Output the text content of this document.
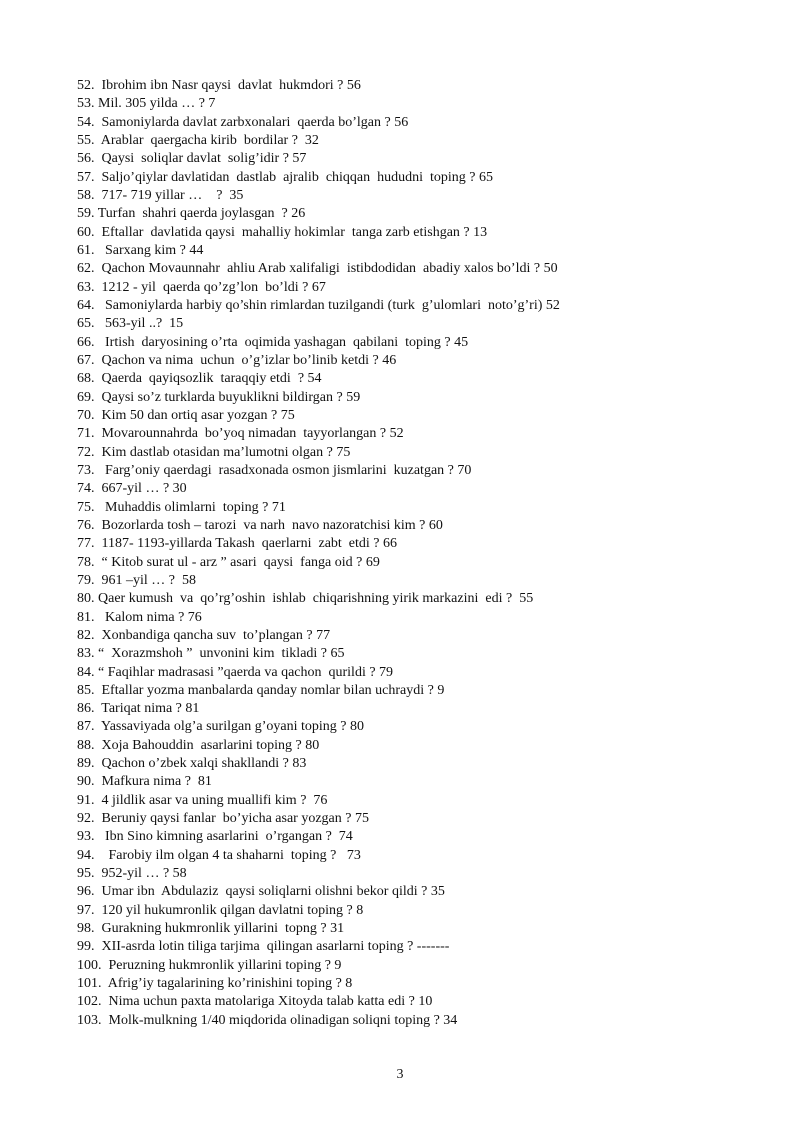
52.  Ibrohim ibn Nasr qaysi  davlat  hukmdori ? 56
53. Mil. 305 yilda … ? 7
54.  Samoniylarda davlat zarbxonalari  qaerda bo’lgan ? 56
55.  Arablar  qaergacha kirib  bordilar ?  32
56.  Qaysi  soliqlar davlat  solig’idir ? 57
57.  Saljo’qiylar davlatidan  dastlab  ajralib  chiqqan  hududni  toping ? 65
58.  717- 719 yillar …    ?  35
59. Turfan  shahri qaerda joylasgan  ? 26
60.  Eftallar  davlatida qaysi  mahalliy hokimlar  tanga zarb etishgan ? 13
61.   Sarxang kim ? 44
62.  Qachon Movaunnahr  ahliu Arab xalifaligi  istibdodidan  abadiy xalos bo’ldi ? 50
63.  1212 - yil  qaerda qo’zg’lon  bo’ldi ? 67
64.   Samoniylarda harbiy qo’shin rimlardan tuzilgandi (turk  g’ulomlari  noto’g’ri) 52
65.   563-yil ..?  15
66.   Irtish  daryosining o’rta  oqimida yashagan  qabilani  toping ? 45
67.  Qachon va nima  uchun  o’g’izlar bo’linib ketdi ? 46
68.  Qaerda  qayiqsozlik  taraqqiy etdi  ? 54
69.  Qaysi so’z turklarda buyuklikni bildirgan ? 59
70.  Kim 50 dan ortiq asar yozgan ? 75
71.  Movarounnahrda  bo’yoq nimadan  tayyorlangan ? 52
72.  Kim dastlab otasidan ma’lumotni olgan ? 75
73.   Farg’oniy qaerdagi  rasadxonada osmon jismlarini  kuzatgan ? 70
74.  667-yil … ? 30
75.   Muhaddis olimlarni  toping ? 71
76.  Bozorlarda tosh – tarozi  va narh  navo nazoratchisi kim ? 60
77.  1187- 1193-yillarda Takash  qaerlarni  zabt  etdi ? 66
78.  “ Kitob surat ul - arz ” asari  qaysi  fanga oid ? 69
79.  961 –yil … ?  58
80. Qaer kumush  va  qo’rg’oshin  ishlab  chiqarishning yirik markazini  edi ?  55
81.   Kalom nima ? 76
82.  Xonbandiga qancha suv  to’plangan ? 77
83. “  Xorazmshoh ”  unvonini kim  tikladi ? 65
84. “ Faqihlar madrasasi ”qaerda va qachon  qurildi ? 79
85.  Eftallar yozma manbalarda qanday nomlar bilan uchraydi ? 9
86.  Tariqat nima ? 81
87.  Yassaviyada olg’a surilgan g’oyani toping ? 80
88.  Xoja Bahouddin  asarlarini toping ? 80
89.  Qachon o’zbek xalqi shakllandi ? 83
90.  Mafkura nima ?  81
91.  4 jildlik asar va uning muallifi kim ?  76
92.  Beruniy qaysi fanlar  bo’yicha asar yozgan ? 75
93.   Ibn Sino kimning asarlarini  o’rgangan ?  74
94.    Farobiy ilm olgan 4 ta shaharni  toping ?   73
95.  952-yil … ? 58
96.  Umar ibn  Abdulaziz  qaysi soliqlarni olishni bekor qildi ? 35
97.  120 yil hukumronlik qilgan davlatni toping ? 8
98.  Gurakning hukmronlik yillarini  topng ? 31
99.  XII-asrda lotin tiliga tarjima  qilingan asarlarni toping ? -------
100.  Peruzning hukmronlik yillarini toping ? 9
101.  Afrig’iy tagalarining ko’rinishini toping ? 8
102.  Nima uchun paxta matolariga Xitoyda talab katta edi ? 10
103.  Molk-mulkning 1/40 miqdorida olinadigan soliqni toping ? 34
3
